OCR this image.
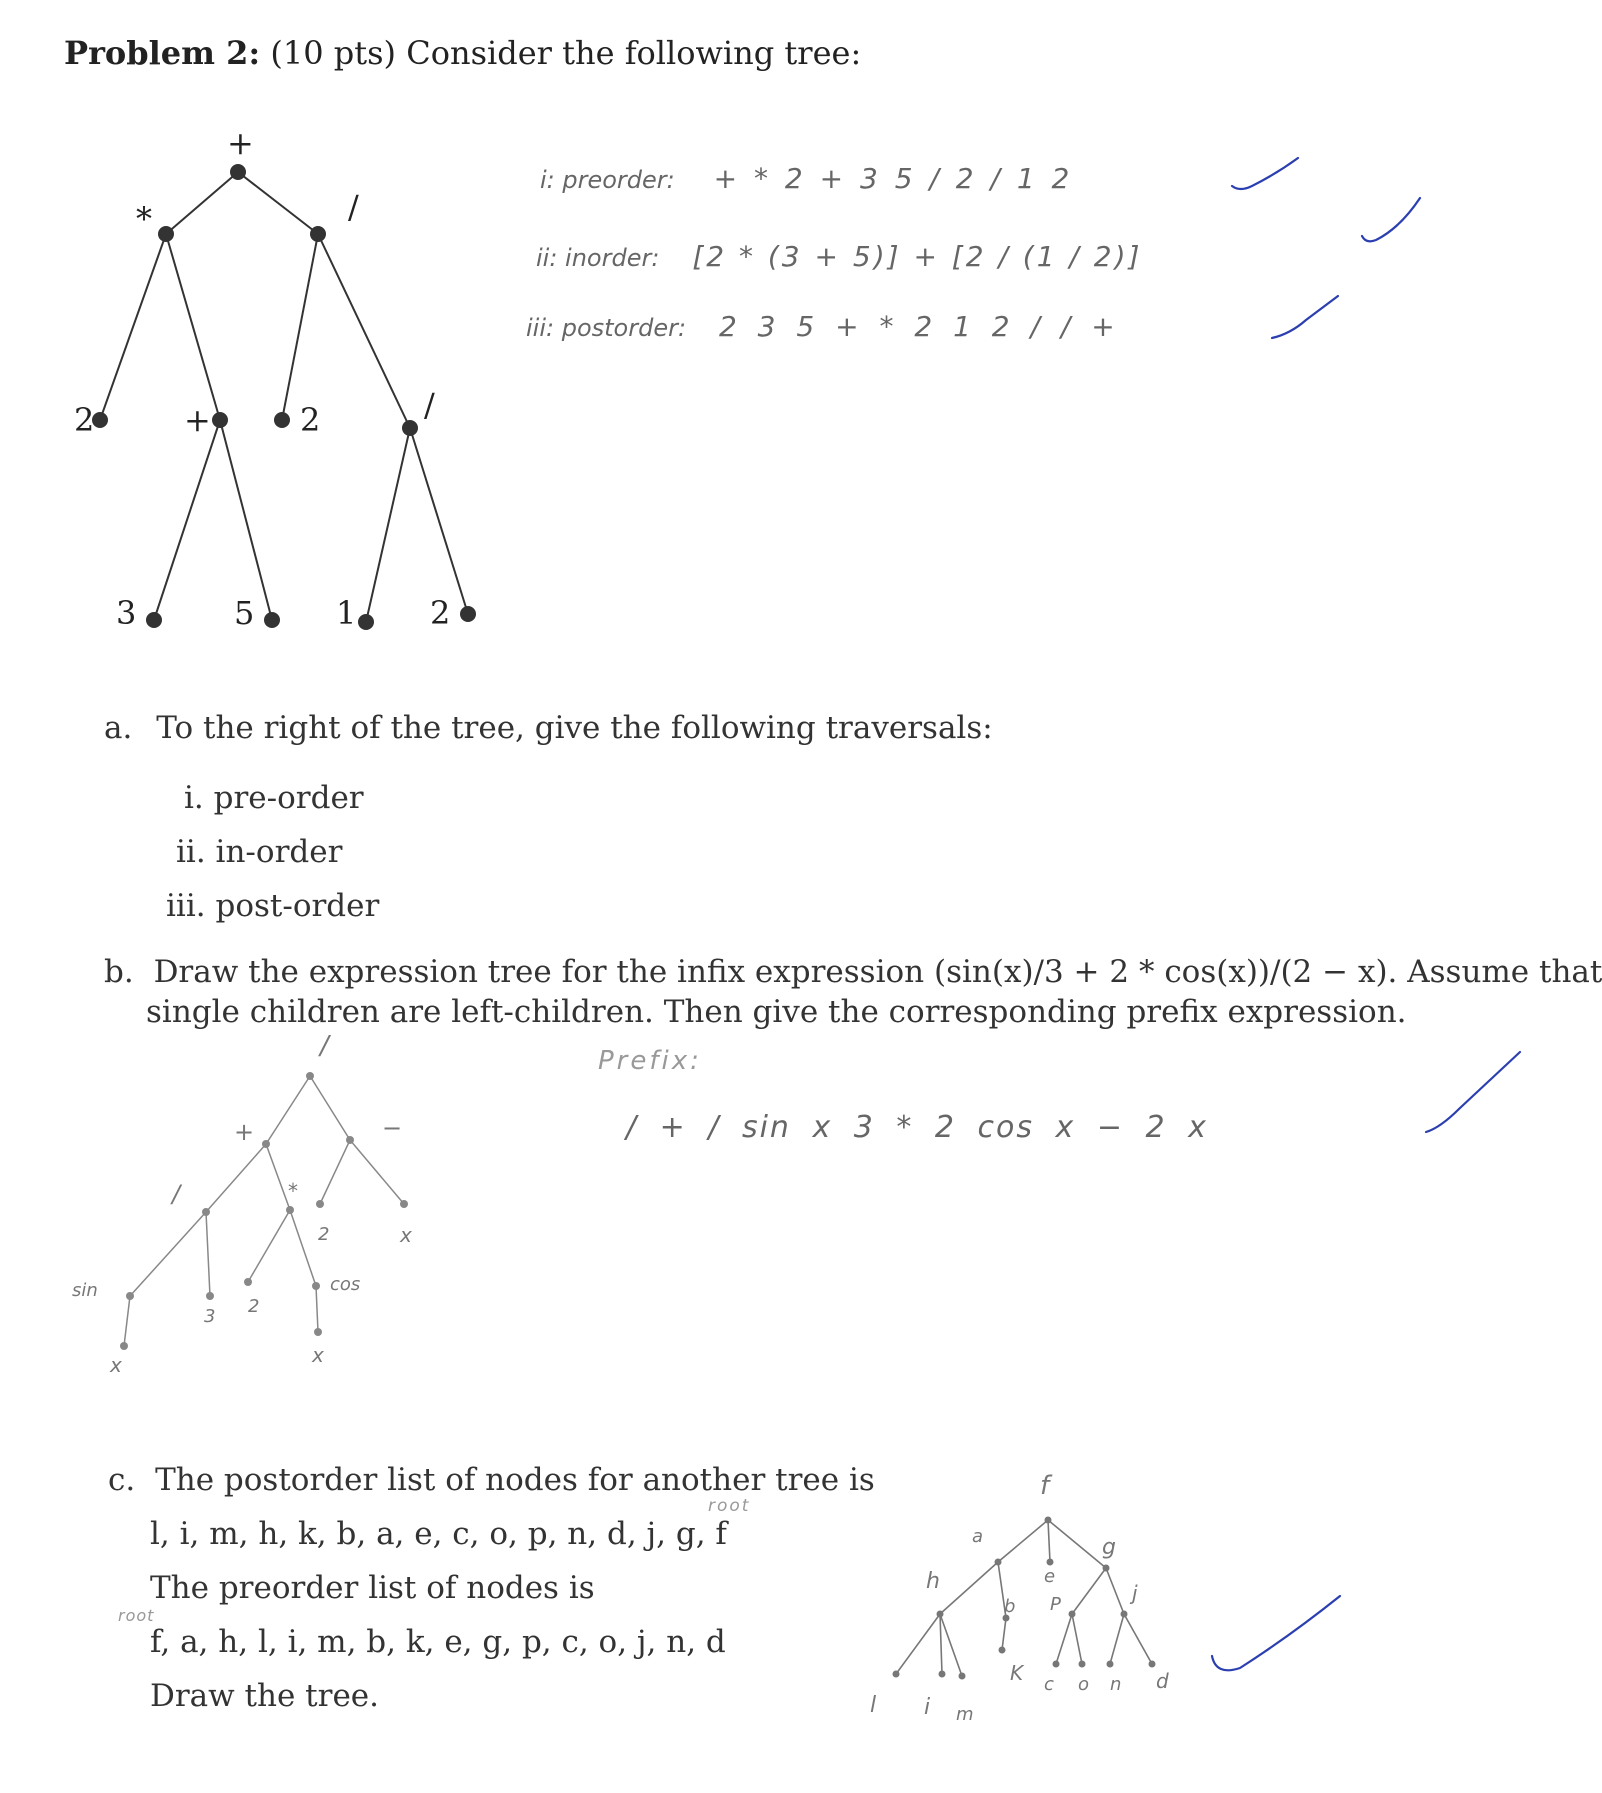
Problem 2: (10 pts) Consider the following tree:
+
*	/
2	+	2	/
3	5	1 2
i: preorder: + * 2 + 3 5 / 2 / 1 2
ii: inorder: [2 * (3 + 5)] + [2 / (1 / 2)]
iii: postorder: 2 3 5 + * 2 1 2 / / +
a. To the right of the tree, give the following traversals:
i. pre-order
ii. in-order
iii. post-order
b. Draw the expression tree for the infix expression (sin(x)/3 + 2 * cos(x))/(2 − x). Assume that
single children are left-children. Then give the corresponding prefix expression.
Prefix:
/ + / sin x 3 * 2 cos x − 2 x
/
+	−
/	*
sin
3 2
2
cos
x
x	x
c. The postorder list of nodes for another tree is
root
l, i, m, h, k, b, a, e, c, o, p, n, d, j, g, f
The preorder list of nodes is
root
f, a, h, l, i, m, b, k, e, g, p, c, o, j, n, d
Draw the tree.
f
a
e
g
h
b P	j
l i m
K c o n d
